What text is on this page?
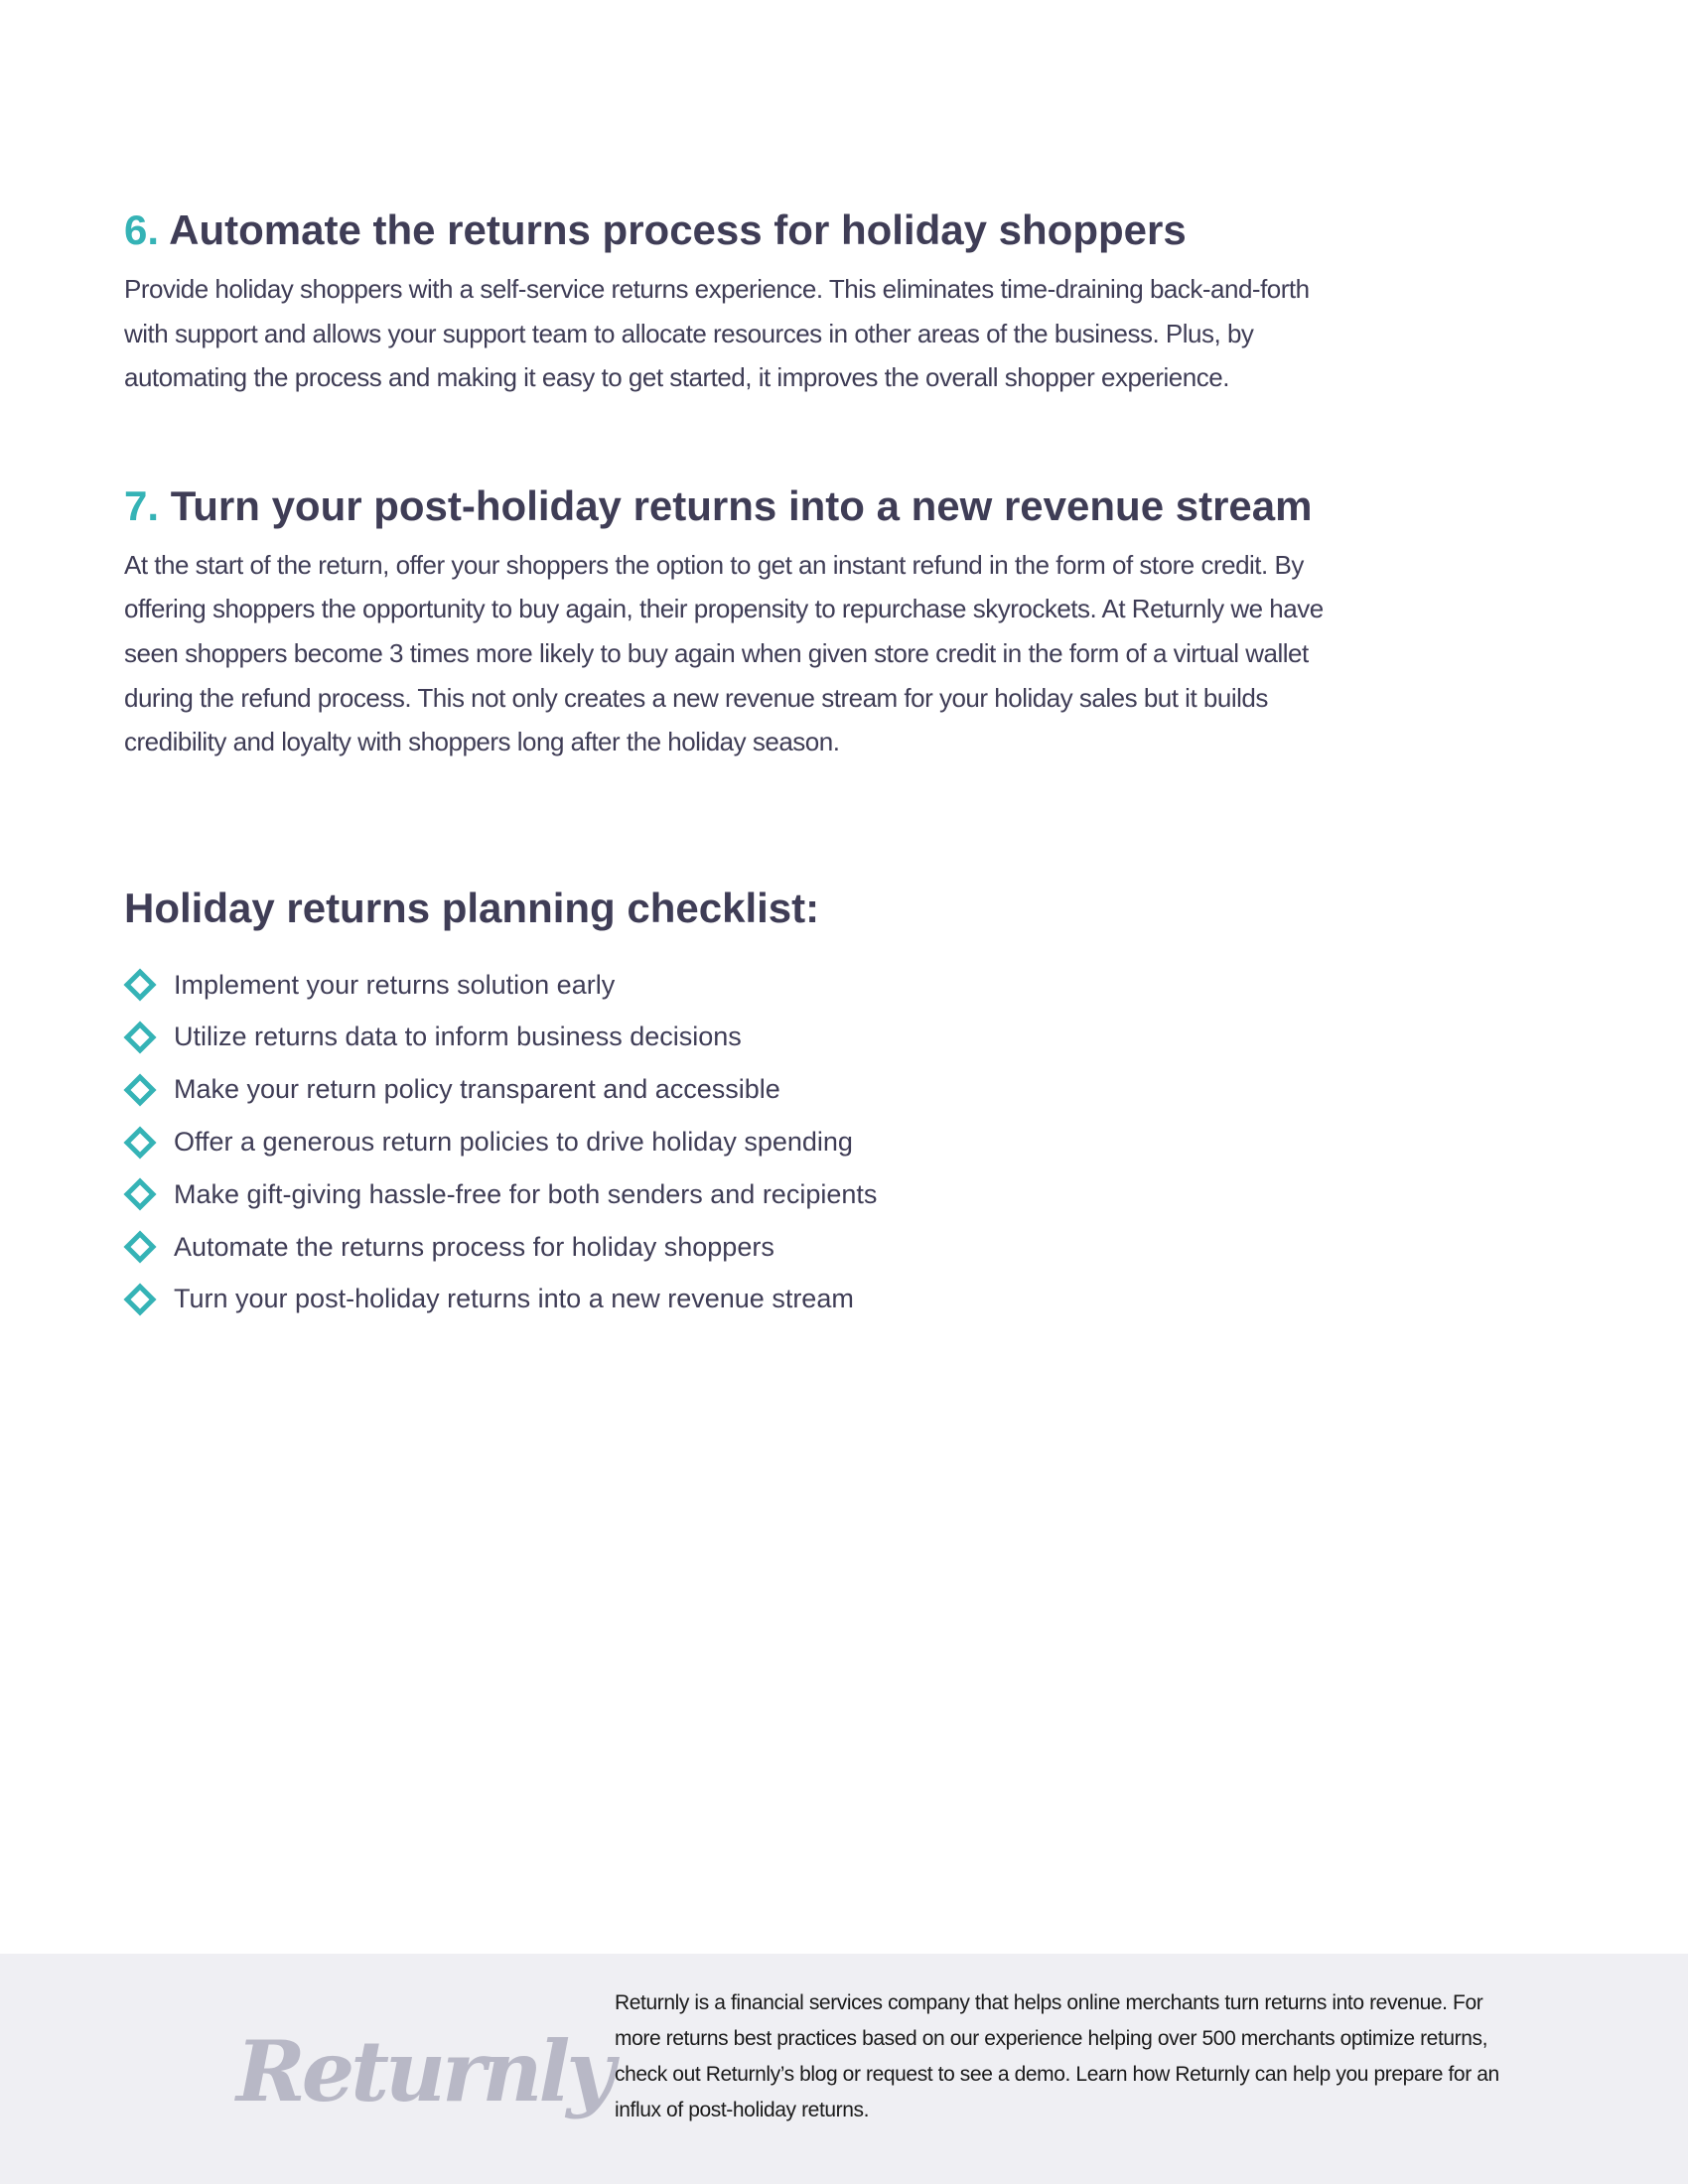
6. Automate the returns process for holiday shoppers

Provide holiday shoppers with a self-service returns experience. This eliminates time-draining back-and-forth with support and allows your support team to allocate resources in other areas of the business. Plus, by automating the process and making it easy to get started, it improves the overall shopper experience.

7. Turn your post-holiday returns into a new revenue stream

At the start of the return, offer your shoppers the option to get an instant refund in the form of store credit. By offering shoppers the opportunity to buy again, their propensity to repurchase skyrockets. At Returnly we have seen shoppers become 3 times more likely to buy again when given store credit in the form of a virtual wallet during the refund process. This not only creates a new revenue stream for your holiday sales but it builds credibility and loyalty with shoppers long after the holiday season.

Holiday returns planning checklist:
Implement your returns solution early
Utilize returns data to inform business decisions
Make your return policy transparent and accessible
Offer a generous return policies to drive holiday spending
Make gift-giving hassle-free for both senders and recipients
Automate the returns process for holiday shoppers
Turn your post-holiday returns into a new revenue stream
Returnly
Returnly is a financial services company that helps online merchants turn returns into revenue. For more returns best practices based on our experience helping over 500 merchants optimize returns, check out Returnly’s blog or request to see a demo. Learn how Returnly can help you prepare for an influx of post-holiday returns.
